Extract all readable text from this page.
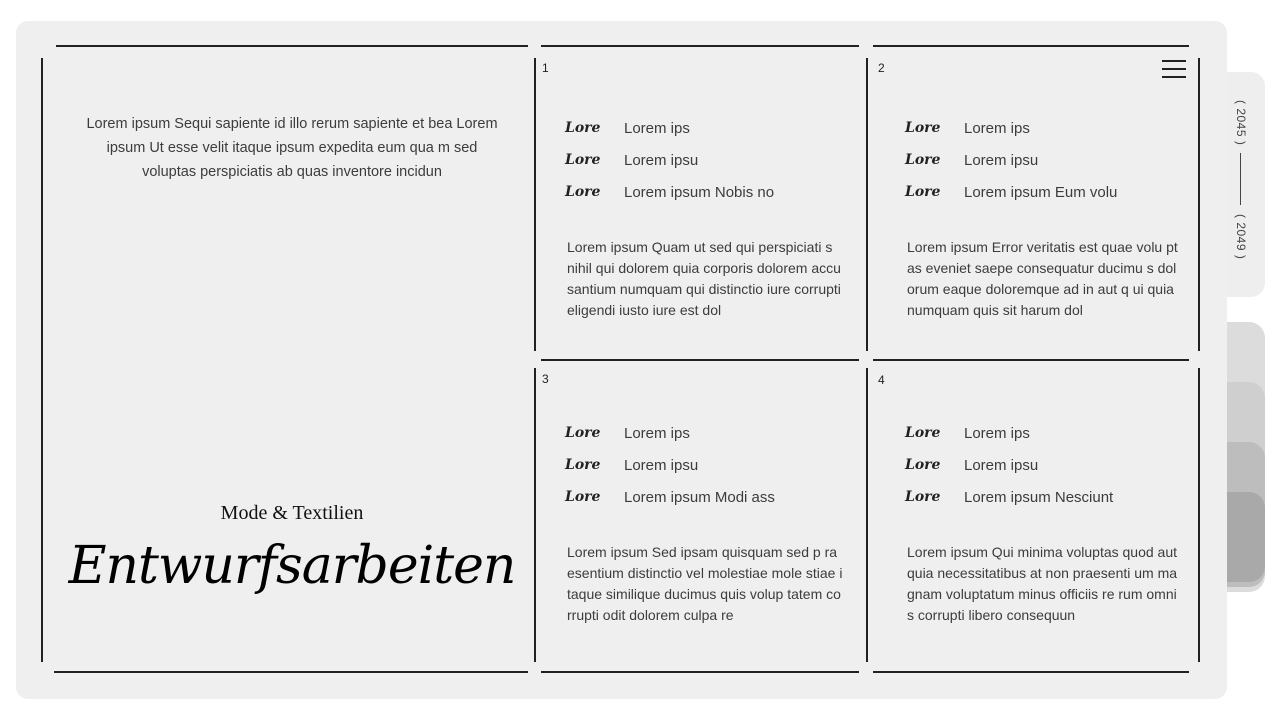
( 2045 )
( 2049 )
Lorem ipsum Sequi sapiente id illo rerum sapiente et bea Lorem ipsum Ut esse velit itaque ipsum expedita eum qua m sed voluptas perspiciatis ab quas inventore incidun
Mode & Textilien
Entwurfsarbeiten
1
Lore	Lorem ips
Lore	Lorem ipsu
Lore	Lorem ipsum Nobis no
Lorem ipsum Quam ut sed qui perspiciati s nihil qui dolorem quia corporis dolorem accusantium numquam qui distinctio iure corrupti eligendi iusto iure est dol
2
Lore	Lorem ips
Lore	Lorem ipsu
Lore	Lorem ipsum Eum volu
Lorem ipsum Error veritatis est quae volu ptas eveniet saepe consequatur ducimu s dolorum eaque doloremque ad in aut q ui quia numquam quis sit harum dol
3
Lore	Lorem ips
Lore	Lorem ipsu
Lore	Lorem ipsum Modi ass
Lorem ipsum Sed ipsam quisquam sed p raesentium distinctio vel molestiae mole stiae itaque similique ducimus quis volup tatem corrupti odit dolorem culpa re
4
Lore	Lorem ips
Lore	Lorem ipsu
Lore	Lorem ipsum Nesciunt
Lorem ipsum Qui minima voluptas quod aut quia necessitatibus at non praesenti um magnam voluptatum minus officiis re rum omnis corrupti libero consequun
